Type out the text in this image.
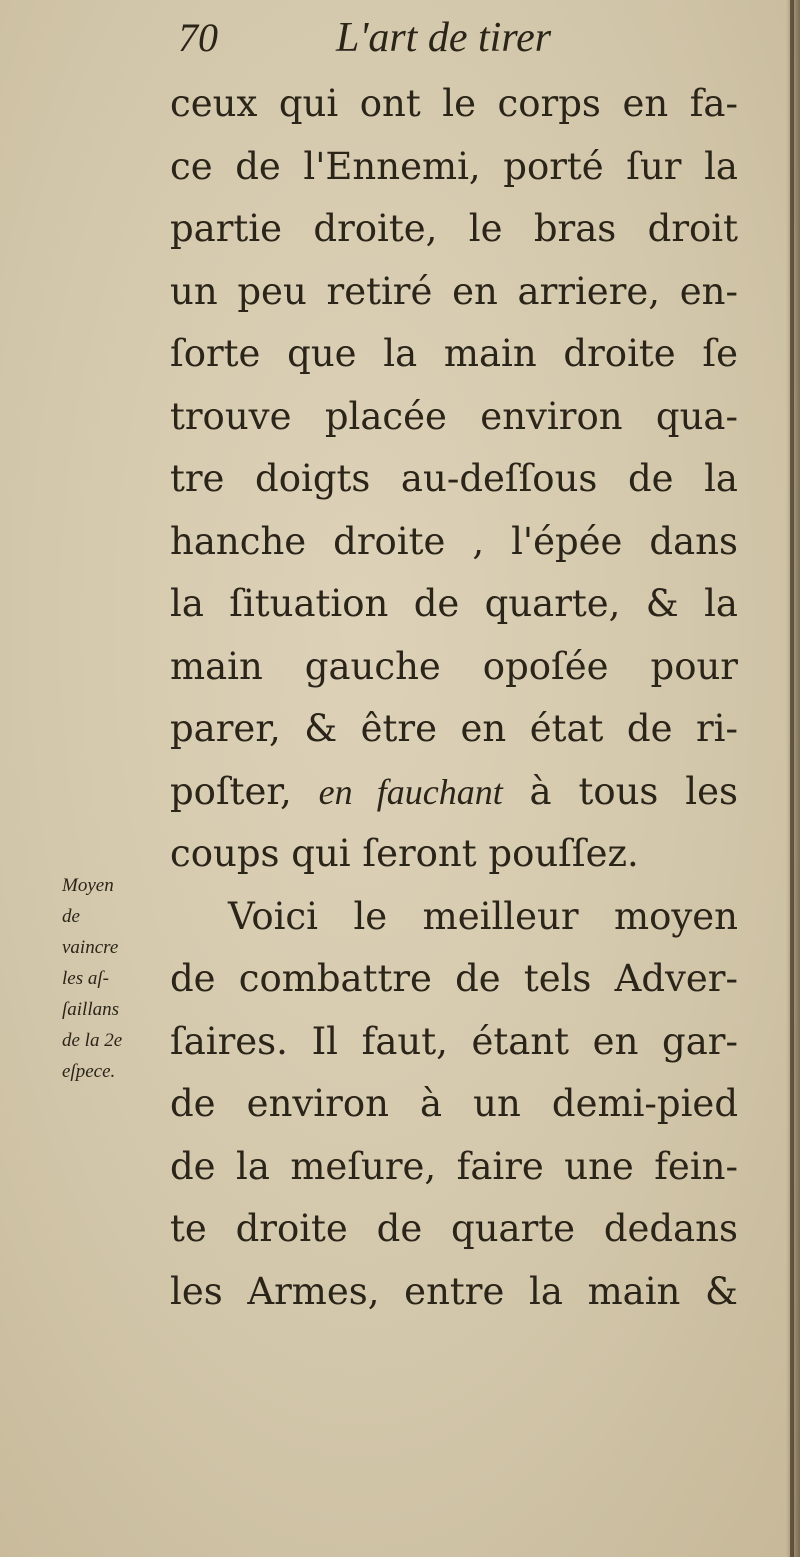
70	L'art de tirer
ceux qui ont le corps en fa-
ce de l'Ennemi, porté ſur la
partie droite, le bras droit
un peu retiré en arriere, en-
ſorte que la main droite ſe
trouve placée environ qua-
tre doigts au-deſſous de la
hanche droite , l'épée dans
la ſituation de quarte, & la
main gauche opoſée pour
parer, & être en état de ri-
poſter, en fauchant à tous les
coups qui ſeront pouſſez.
Voici le meilleur moyen
de combattre de tels Adver-
ſaires. Il faut, étant en gar-
de environ à un demi-pied
de la meſure, faire une fein-
te droite de quarte dedans
les Armes, entre la main &
Moyen
de
vaincre
les aſ-
ſaillans
de la 2e
eſpece.
